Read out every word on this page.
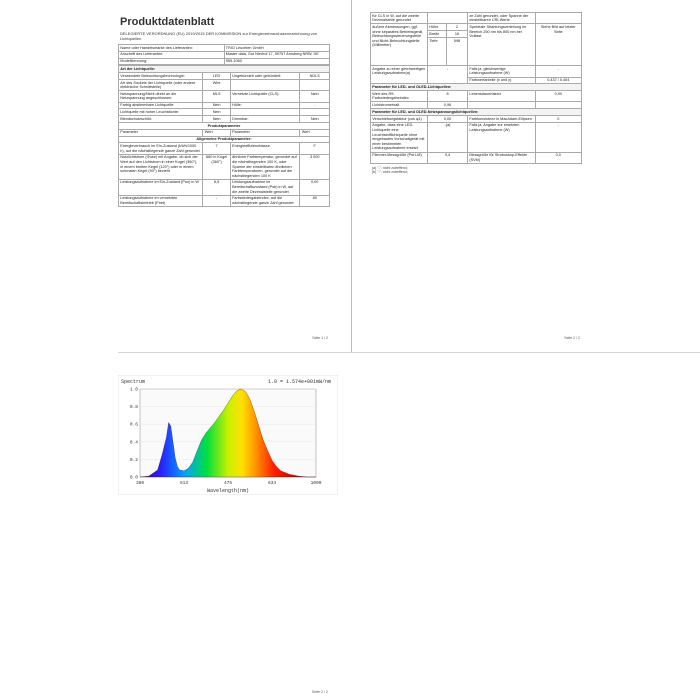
Produktdatenblatt
DELEGIERTE VERORDNUNG (EU) 2019/2015 DER KOMMISSION zur Energieverbrauchskennzeichnung von Lichtquellen
Name oder Handelsmarke des Lieferanten:	TRIO Leuchten GmbH
Anschrift des Lieferanten:	Master data, Gut Nierhof 17, 59757 Arnsberg NRW, DE
Modellkennung:	959-1060
Art der Lichtquelle:			
Verwendete Beleuchtungstechnologie:	LED	Ungebündelt oder gebündelt:	NDLS
Art des Sockels der Lichtquelle (oder andere elektrische Schnittstelle)	Wire		
Netzspannung/Nicht direkt an die Netzspannung angeschlossen:	MLS	Vernetzte Lichtquelle (CLS):	Nein
Farbig abstimmbare Lichtquelle:	Nein	Hülle:	-
Lichtquelle mit hoher Leuchtdichte:	Nein		
Blendschutzschild:	Nein	Dimmbar:	Nein
Produktparameter			
Parameter	Wert	Parameter	Wert
Allgemeine Produktparameter:			
Energieverbrauch im Ein-Zustand (kWh/1000 h), auf die nächstliegende ganze Zahl gerundet	7	Energieeffizienzklasse	F
Nutzlichtstrom (Φuse) mit Angabe, ob sich der Wert auf den Lichtstrom in einer Kugel (360°), in einem breiten Kegel (120°) oder in einem schmalen Kegel (90°) bezieht	680 in Kugel (360°)	ähnliche Farbtemperatur, gerundet auf die nächstliegenden 100 K, oder Spanne der einstellbaren ähnlichen Farbtemperaturen, gerundet auf die nächstliegenden 100 K	3 000
Leistungsaufnahme im Ein-Zustand (Pon) in W	6,5	Leistungsaufnahme im Bereitschaftszustand (Psb) in W, auf die zweite Dezimalstelle gerundet	0,00
Leistungsaufnahme im vernetzten Bereitschaftsbetrieb (Pnet)	-	Farbwiedergabeindex, auf die nächstliegende ganze Zahl gerundet	80
Seite 1 / 2
für CLS in W, auf die zweite Dezimalstelle gerundet			ze Zahl gerundet, oder Spanne der einstellbaren CRI-Werte	
äußere Abmessungen, ggf. ohne separates Betriebsgerät, Beleuchtungssteuerungsteile und Nicht-Beleuchtungsteile (Millimeter)	Höhe	2	Spektrale Strahlungsverteilung im Bereich 250 nm bis 800 nm bei Volllast	Siehe Bild auf letzter Seite
	Breite	16		
	Tiefe	598		
Angabe zu einer gleichwertigen Leistungsaufnahme(a)	-		Falls ja, gleichwertige Leistungsaufnahme (W)	-
			Farbwertanteile (x und y)	0,437 / 0,404
Parameter für LED- und OLED-Lichtquellen:				
Wert des R9-Farbwiedergabeindex	8		Lebensdauerfaktor	0,90
Lichtstromerhalt	0,96			
Parameter für LED- und OLED-Netzspannungslichtquellen:				
Verschiebungsfaktor (cos φ1)	0,00		Farbkonsistenz in MacAdam-Ellipsen	0
Angabe, dass eine LED-Lichtquelle eine Leuchtstofflichtquelle ohne eingebautes Vorschaltgerät mit einer bestimmten Leistungsaufnahme ersetzt	-(a)		Falls ja, Angabe zur ersetzten Leistungsaufnahme (W)	-
Flimmer-Messgröße (Pst LM)	0,4		Messgröße für Stroboskop-Effekte (SVM)	0,0
(a) "-": nicht zutreffend;
(b) "-": nicht zutreffend;
Seite 2 / 2
Spectrum	1.0 = 1.574e+001mW/nm
1.0
0.8
0.6
0.4
0.2
0.0
380	513	475	634	1000
Wavelength(nm)
Seite 2 / 2
